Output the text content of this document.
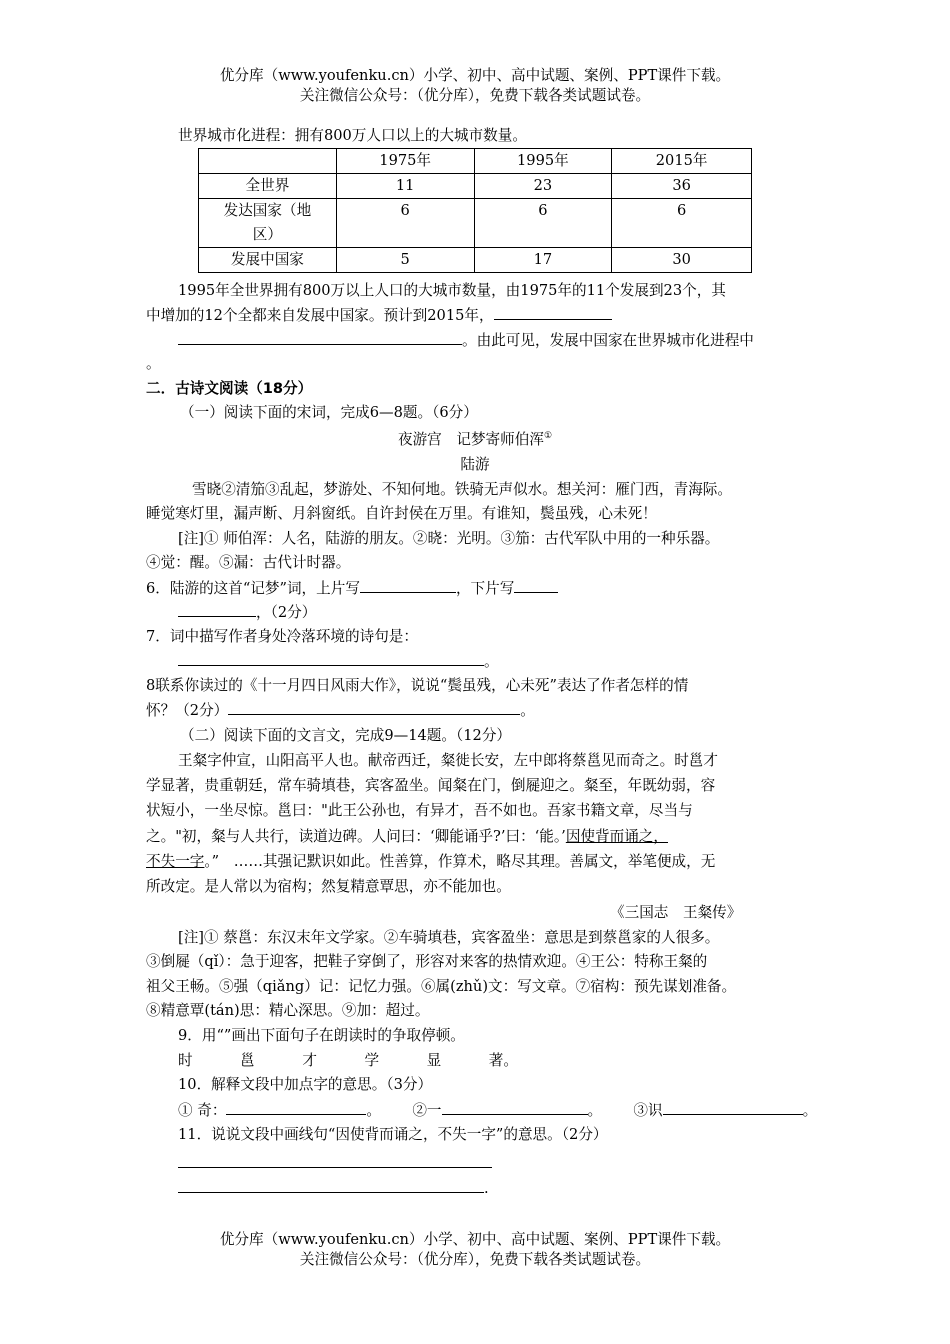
优分库（www.youfenku.cn）小学、初中、高中试题、案例、PPT课件下载。
关注微信公众号：（优分库），免费下载各类试题试卷。
世界城市化进程：拥有800万人口以上的大城市数量。
	1975年	1995年	2015年
全世界	11	23	36
发达国家（地区）	6	6	6
发展中国家	5	17	30
1995年全世界拥有800万以上人口的大城市数量，由1975年的11个发展到23个，其
中增加的12个全都来自发展中国家。预计到2015年，
。由此可见，发展中国家在世界城市化进程中
。
二．古诗文阅读（18分）
（一）阅读下面的宋词，完成6—8题。（6分）
夜游宫　记梦寄师伯浑①
陆游
雪晓②清笳③乱起，梦游处、不知何地。铁骑无声似水。想关河：雁门西，青海际。
睡觉寒灯里，漏声断、月斜窗纸。自许封侯在万里。有谁知，鬓虽残，心未死！
[注]① 师伯浑：人名，陆游的朋友。②晓：光明。③笳：古代军队中用的一种乐器。
④觉：醒。⑤漏：古代计时器。
6．陆游的这首“记梦”词，上片写	，下片写
，（2分）
7．词中描写作者身处冷落环境的诗句是：
。
8联系你读过的《十一月四日风雨大作》，说说“鬓虽残，心未死”表达了作者怎样的情
怀？（2分）	。
（二）阅读下面的文言文，完成9—14题。（12分）
王粲字仲宣，山阳高平人也。献帝西迁，粲徙长安，左中郎将蔡邕见而奇之。时邕才
学显著，贵重朝廷，常车骑填巷，宾客盈坐。闻粲在门，倒屣迎之。粲至，年既幼弱，容
状短小，一坐尽惊。邕曰："此王公孙也，有异才，吾不如也。吾家书籍文章，尽当与
之。"初，粲与人共行，读道边碑。人问曰：‘卿能诵乎?’曰：‘能。’因使背而诵之，
不失一字。”　……其强记默识如此。性善算，作算术，略尽其理。善属文，举笔便成，无
所改定。是人常以为宿构；然复精意覃思，亦不能加也。
《三国志　王粲传》
[注]① 蔡邕：东汉末年文学家。②车骑填巷，宾客盈坐：意思是到蔡邕家的人很多。
③倒屣（qǐ）：急于迎客，把鞋子穿倒了，形容对来客的热情欢迎。④王公：特称王粲的
祖父王畅。⑤强（qiǎng）记：记忆力强。⑥属(zhǔ)文：写文章。⑦宿构：预先谋划准备。
⑧精意覃(tán)思：精心深思。⑨加：超过。
9．用“”画出下面句子在朗读时的争取停顿。
时	邕	才	学	显	著。
10．解释文段中加点字的意思。（3分）
① 奇：	。 ②一	。 ③识	。
11．说说文段中画线句“因使背而诵之，不失一字”的意思。（2分）
.
优分库（www.youfenku.cn）小学、初中、高中试题、案例、PPT课件下载。
关注微信公众号：（优分库），免费下载各类试题试卷。
